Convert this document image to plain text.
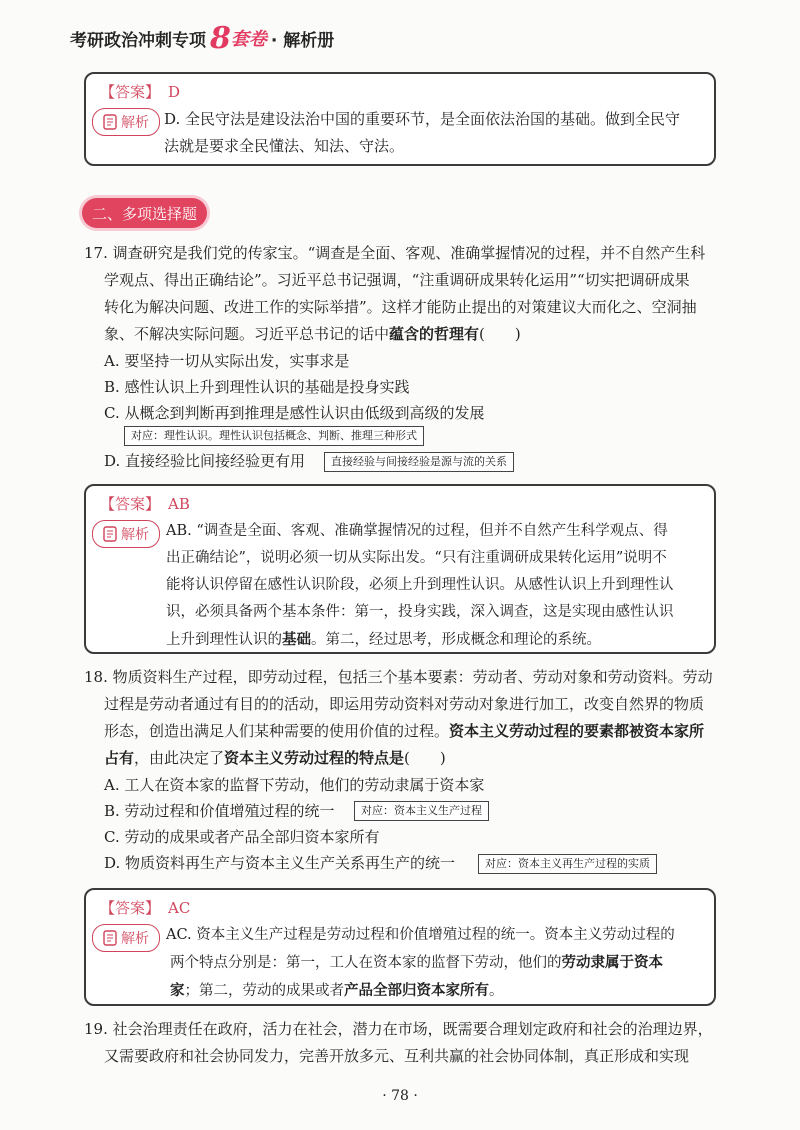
考研政治冲刺专项 8 套卷 · 解析册
【答案】 D
解析 D. 全民守法是建设法治中国的重要环节，是全面依法治国的基础。做到全民守
法就是要求全民懂法、知法、守法。
二、多项选择题
17. 调查研究是我们党的传家宝。“调查是全面、客观、准确掌握情况的过程，并不自然产生科
学观点、得出正确结论”。习近平总书记强调，“注重调研成果转化运用”“切实把调研成果
转化为解决问题、改进工作的实际举措”。这样才能防止提出的对策建议大而化之、空洞抽
象、不解决实际问题。习近平总书记的话中蕴含的哲理有(　　)
A. 要坚持一切从实际出发，实事求是
B. 感性认识上升到理性认识的基础是投身实践
C. 从概念到判断再到推理是感性认识由低级到高级的发展
对应：理性认识。理性认识包括概念、判断、推理三种形式
D. 直接经验比间接经验更有用	直接经验与间接经验是源与流的关系
【答案】 AB
解析 AB. “调查是全面、客观、准确掌握情况的过程，但并不自然产生科学观点、得
出正确结论”，说明必须一切从实际出发。“只有注重调研成果转化运用”说明不
能将认识停留在感性认识阶段，必须上升到理性认识。从感性认识上升到理性认
识，必须具备两个基本条件：第一，投身实践，深入调查，这是实现由感性认识
上升到理性认识的基础。第二，经过思考，形成概念和理论的系统。
18. 物质资料生产过程，即劳动过程，包括三个基本要素：劳动者、劳动对象和劳动资料。劳动
过程是劳动者通过有目的的活动，即运用劳动资料对劳动对象进行加工，改变自然界的物质
形态，创造出满足人们某种需要的使用价值的过程。资本主义劳动过程的要素都被资本家所
占有，由此决定了资本主义劳动过程的特点是(　　)
A. 工人在资本家的监督下劳动，他们的劳动隶属于资本家
B. 劳动过程和价值增殖过程的统一	对应：资本主义生产过程
C. 劳动的成果或者产品全部归资本家所有
D. 物质资料再生产与资本主义生产关系再生产的统一	对应：资本主义再生产过程的实质
【答案】 AC
解析 AC. 资本主义生产过程是劳动过程和价值增殖过程的统一。资本主义劳动过程的
两个特点分别是：第一，工人在资本家的监督下劳动，他们的劳动隶属于资本
家；第二，劳动的成果或者产品全部归资本家所有。
19. 社会治理责任在政府，活力在社会，潜力在市场，既需要合理划定政府和社会的治理边界，
又需要政府和社会协同发力，完善开放多元、互利共赢的社会协同体制，真正形成和实现
· 78 ·
